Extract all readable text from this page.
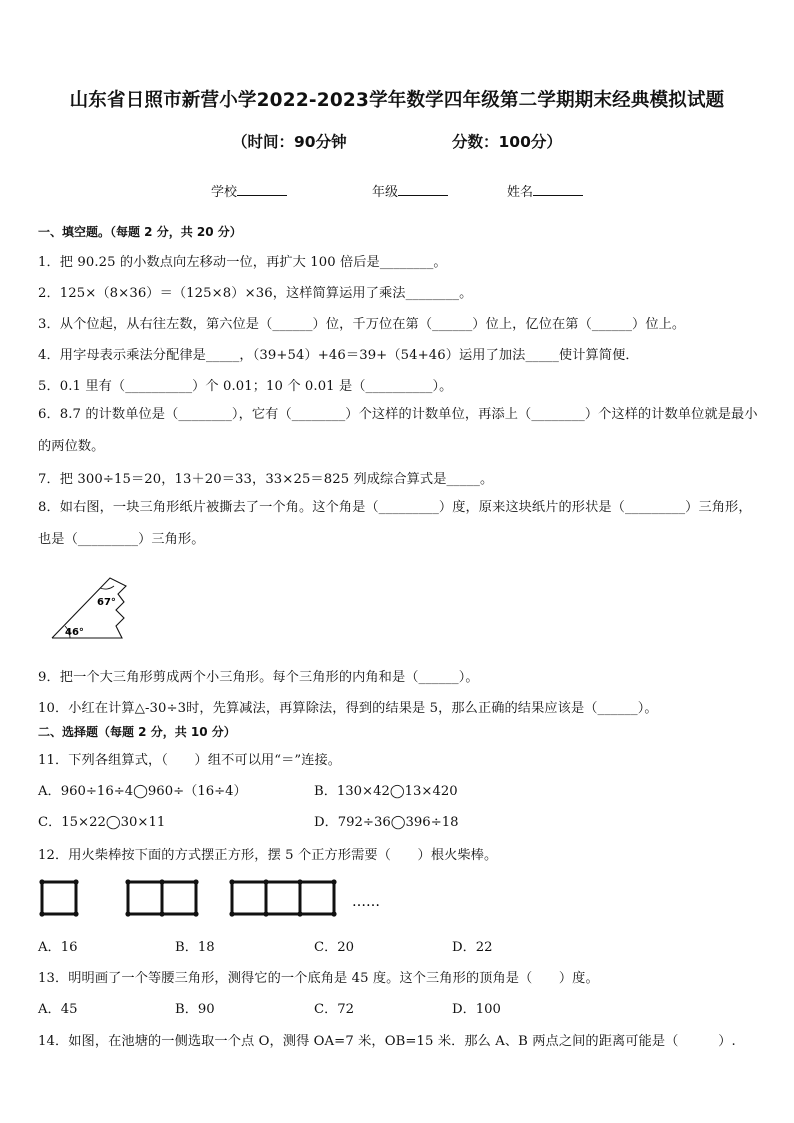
山东省日照市新营小学2022-2023学年数学四年级第二学期期末经典模拟试题
（时间：90分钟	分数：100分）
学校	年级	姓名
一、填空题。（每题 2 分，共 20 分）
1．把 90.25 的小数点向左移动一位，再扩大 100 倍后是________。
2．125×（8×36）＝（125×8）×36，这样简算运用了乘法________。
3．从个位起，从右往左数，第六位是（______）位，千万位在第（______）位上，亿位在第（______）位上。
4．用字母表示乘法分配律是_____，（39+54）+46＝39+（54+46）运用了加法_____使计算简便．
5．0.1 里有（__________）个 0.01；10 个 0.01 是（__________）。
6．8.7 的计数单位是（________），它有（________）个这样的计数单位，再添上（________）个这样的计数单位就是最小的两位数。
7．把 300÷15＝20，13＋20＝33，33×25＝825 列成综合算式是_____。
8．如右图，一块三角形纸片被撕去了一个角。这个角是（_________）度，原来这块纸片的形状是（_________）三角形，也是（_________）三角形。
67°
46°
9．把一个大三角形剪成两个小三角形。每个三角形的内角和是（______）。
10．小红在计算△-30÷3时，先算减法，再算除法，得到的结果是 5，那么正确的结果应该是（______）。
二、选择题（每题 2 分，共 10 分）
11．下列各组算式，（　　）组不可以用“＝”连接。
A．960÷16÷4◯960÷（16÷4）	B．130×42◯13×420
C．15×22◯30×11	D．792÷36◯396÷18
12．用火柴棒按下面的方式摆正方形，摆 5 个正方形需要（　　）根火柴棒。
……
A．16	B．18	C．20	D．22
13．明明画了一个等腰三角形，测得它的一个底角是 45 度。这个三角形的顶角是（　　）度。
A．45	B．90	C．72	D．100
14．如图，在池塘的一侧选取一个点 O，测得 OA=7 米，OB=15 米．那么 A、B 两点之间的距离可能是（　　　）.
